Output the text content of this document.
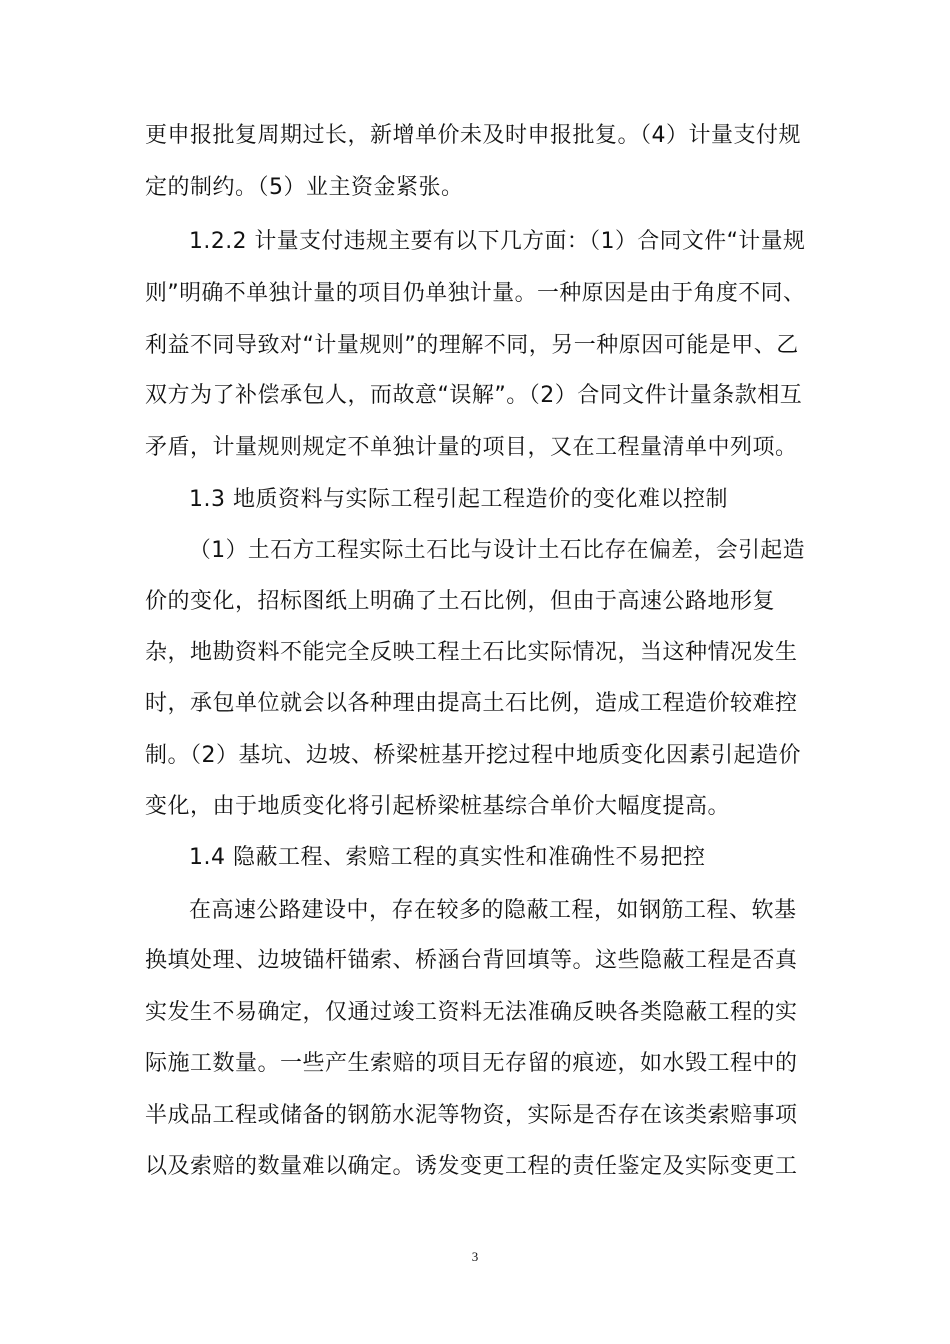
更申报批复周期过长，新增单价未及时申报批复。（4）计量支付规
定的制约。（5）业主资金紧张。
1.2.2 计量支付违规主要有以下几方面：（1）合同文件“计量规
则”明确不单独计量的项目仍单独计量。一种原因是由于角度不同、
利益不同导致对“计量规则”的理解不同，另一种原因可能是甲、乙
双方为了补偿承包人，而故意“误解”。（2）合同文件计量条款相互
矛盾，计量规则规定不单独计量的项目，又在工程量清单中列项。
1.3 地质资料与实际工程引起工程造价的变化难以控制
（1）土石方工程实际土石比与设计土石比存在偏差，会引起造
价的变化，招标图纸上明确了土石比例，但由于高速公路地形复
杂，地勘资料不能完全反映工程土石比实际情况，当这种情况发生
时，承包单位就会以各种理由提高土石比例，造成工程造价较难控
制。（2）基坑、边坡、桥梁桩基开挖过程中地质变化因素引起造价
变化，由于地质变化将引起桥梁桩基综合单价大幅度提高。
1.4 隐蔽工程、索赔工程的真实性和准确性不易把控
在高速公路建设中，存在较多的隐蔽工程，如钢筋工程、软基
换填处理、边坡锚杆锚索、桥涵台背回填等。这些隐蔽工程是否真
实发生不易确定，仅通过竣工资料无法准确反映各类隐蔽工程的实
际施工数量。一些产生索赔的项目无存留的痕迹，如水毁工程中的
半成品工程或储备的钢筋水泥等物资，实际是否存在该类索赔事项
以及索赔的数量难以确定。诱发变更工程的责任鉴定及实际变更工
3
